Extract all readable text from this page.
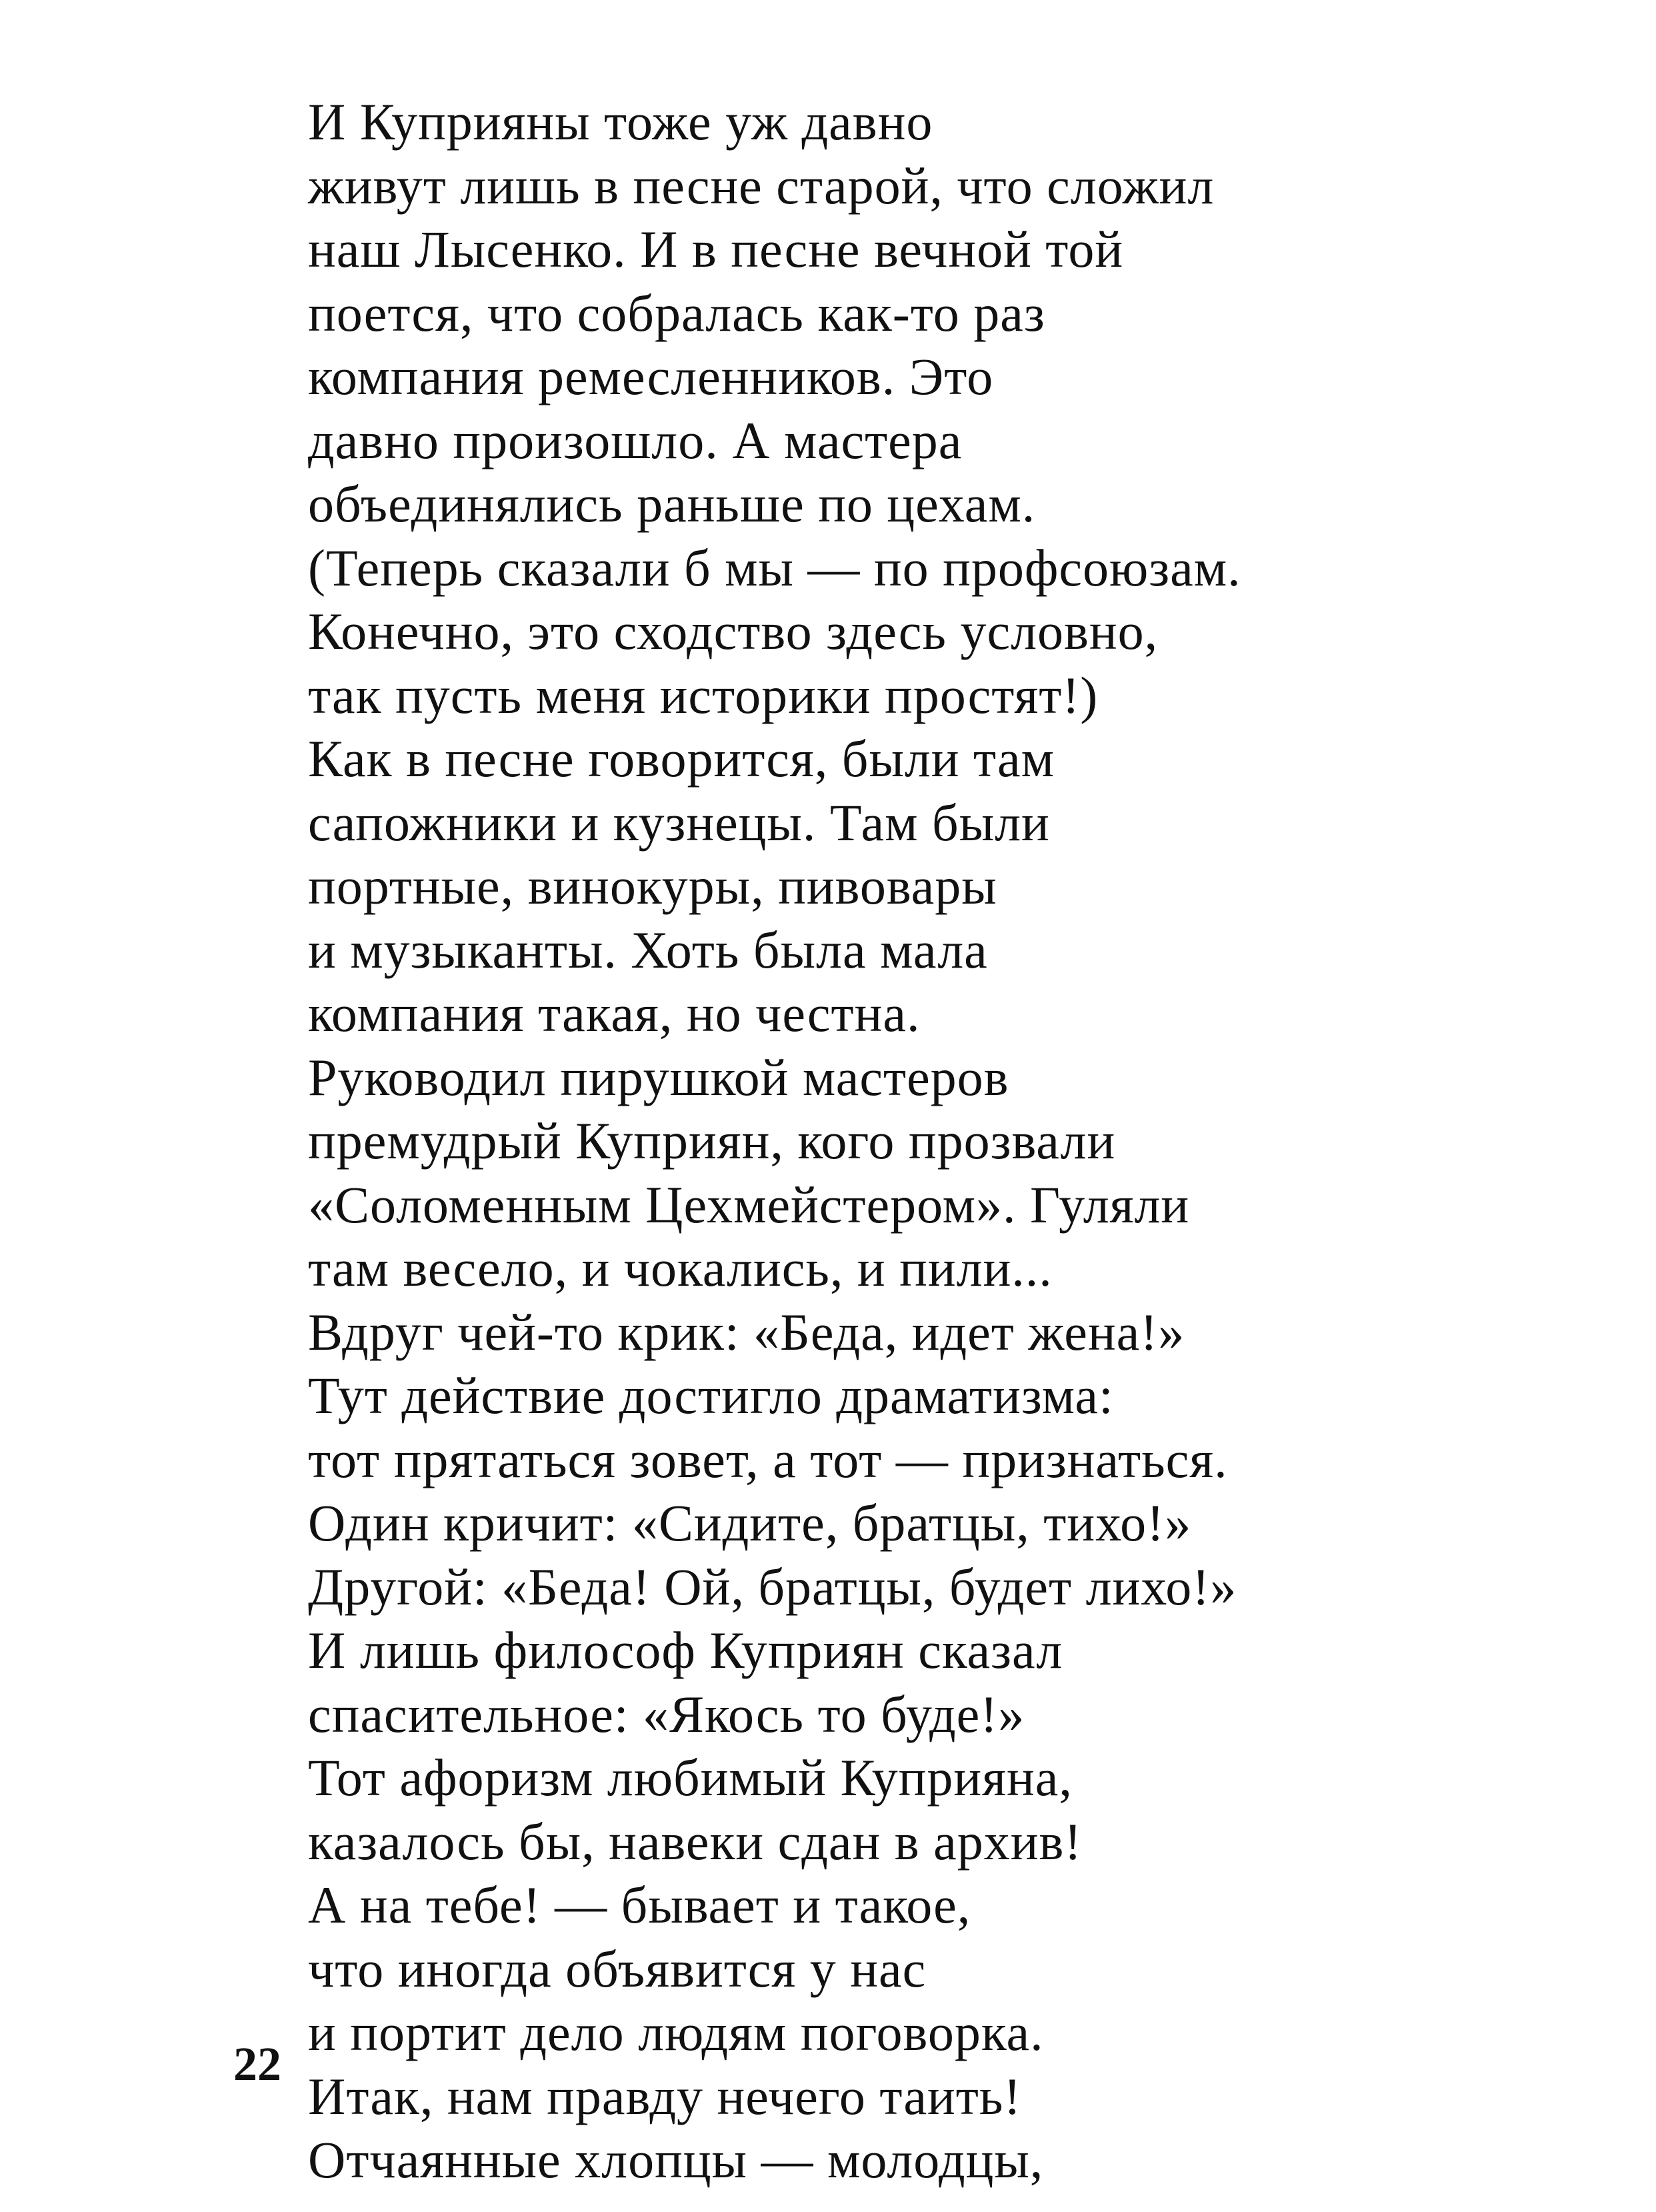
И Куприяны тоже уж давно
живут лишь в песне старой, что сложил
наш Лысенко. И в песне вечной той
поется, что собралась как-то раз
компания ремесленников. Это
давно произошло. А мастера
объединялись раньше по цехам.
(Теперь сказали б мы — по профсоюзам.
Конечно, это сходство здесь условно,
так пусть меня историки простят!)
Как в песне говорится, были там
сапожники и кузнецы. Там были
портные, винокуры, пивовары
и музыканты. Хоть была мала
компания такая, но честна.
Руководил пирушкой мастеров
премудрый Куприян, кого прозвали
«Соломенным Цехмейстером». Гуляли
там весело, и чокались, и пили...
Вдруг чей-то крик: «Беда, идет жена!»
Тут действие достигло драматизма:
тот прятаться зовет, а тот — признаться.
Один кричит: «Сидите, братцы, тихо!»
Другой: «Беда! Ой, братцы, будет лихо!»
И лишь философ Куприян сказал
спасительное: «Якось то буде!»
Тот афоризм любимый Куприяна,
казалось бы, навеки сдан в архив!
А на тебе! — бывает и такое,
что иногда объявится у нас
и портит дело людям поговорка.
Итак, нам правду нечего таить!
Отчаянные хлопцы — молодцы,
22
